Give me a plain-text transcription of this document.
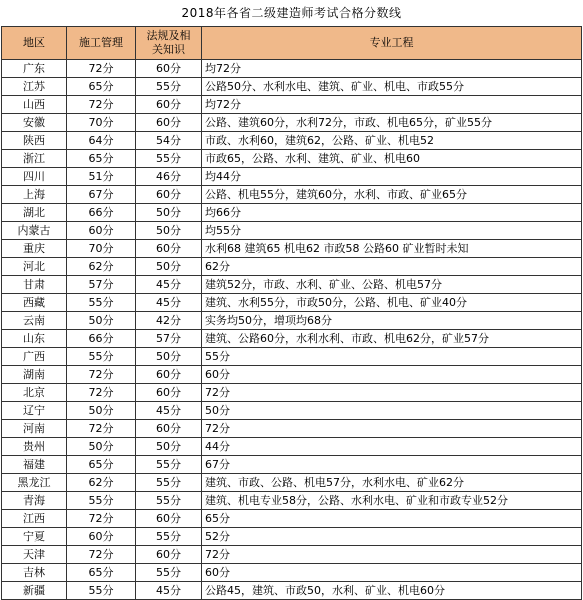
2018年各省二级建造师考试合格分数线
地区	施工管理	法规及相关知识	专业工程
广东	72分	60分	均72分
江苏	65分	55分	公路50分、水利水电、建筑、矿业、机电、市政55分
山西	72分	60分	均72分
安徽	70分	60分	公路、建筑60分，水利72分，市政、机电65分，矿业55分
陕西	64分	54分	市政、水利60，建筑62，公路、矿业、机电52
浙江	65分	55分	市政65，公路、水利、建筑、矿业、机电60
四川	51分	46分	均44分
上海	67分	60分	公路、机电55分，建筑60分，水利、市政、矿业65分
湖北	66分	50分	均66分
内蒙古	60分	50分	均55分
重庆	70分	60分	水利68 建筑65 机电62 市政58 公路60 矿业暂时未知
河北	62分	50分	62分
甘肃	57分	45分	建筑52分，市政、水利、矿业、公路、机电57分
西藏	55分	45分	建筑、水利55分，市政50分，公路、机电、矿业40分
云南	50分	42分	实务均50分，增项均68分
山东	66分	57分	建筑、公路60分，水利水利、市政、机电62分，矿业57分
广西	55分	50分	55分
湖南	72分	60分	60分
北京	72分	60分	72分
辽宁	50分	45分	50分
河南	72分	60分	72分
贵州	50分	50分	44分
福建	65分	55分	67分
黑龙江	62分	55分	建筑、市政、公路、机电57分，水利水电、矿业62分
青海	55分	55分	建筑、机电专业58分，公路、水利水电、矿业和市政专业52分
江西	72分	60分	65分
宁夏	60分	55分	52分
天津	72分	60分	72分
吉林	65分	55分	60分
新疆	55分	45分	公路45，建筑、市政50，水利、矿业、机电60分
